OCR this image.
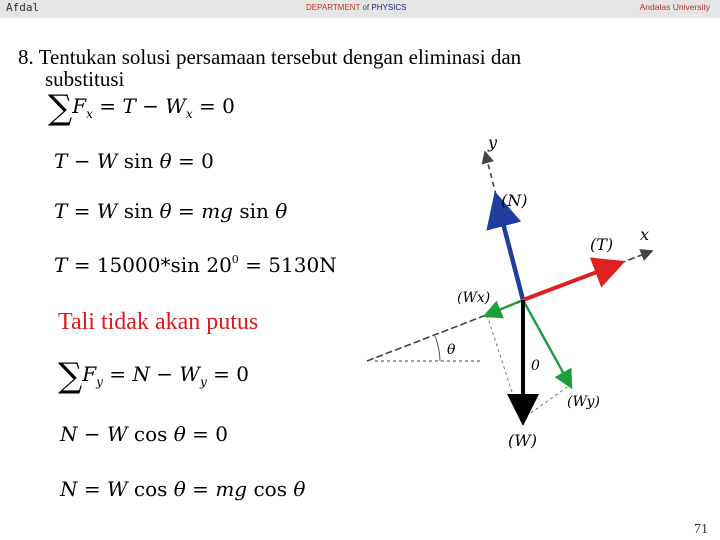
Afdal	DEPARTMENT of PHYSICS	Andalas University
8. Tentukan solusi persamaan tersebut dengan eliminasi dan
substitusi
$\sum F_x = T - W_x = 0$
T − W sin θ = 0
T = W sin θ = mg sin θ
T = 15000*sin $20^0 = 5130N$
Tali tidak akan putus
$\sum F_y = N - W_y = 0$
N − W cos θ = 0
N = W cos θ = mg cos θ
θ
0
y
x
(N)
(T)
(Wx)
(Wy)
(W)
71
